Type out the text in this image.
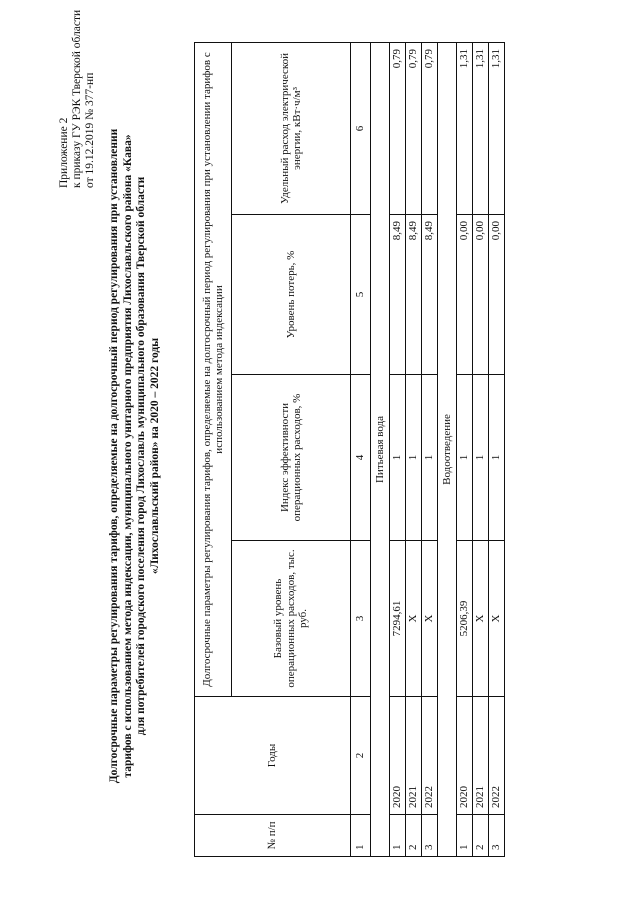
Приложение 2 к приказу ГУ РЭК Тверской области от 19.12.2019 № 377-нп Долгосрочные параметры регулирования тарифов, определяемые на долгосрочный период регулирования при установлении тарифов с использованием метода индексации, муниципального унитарного предприятия Лихославльского района «Кава» для потребителей городского поселения город Лихославль муниципального образования Тверской области «Лихославльский район» на 2020 – 2022 годы
№ п/п	Годы	Долгосрочные параметры регулирования тарифов, определяемые на долгосрочный период регулирования при установлении тарифов с использованием метода индексации			
		Базовый уровень операционных расходов, тыс. руб.	Индекс эффективности операционных расходов, %	Уровень потерь, %	Удельный расход электрической энергии, кВт·ч/м³
1	2	3	4	5	6
Питьевая вода					
1	2020	7294,61	1	8,49	0,79
2	2021	Х	1	8,49	0,79
3	2022	Х	1	8,49	0,79
Водоотведение					
1	2020	5206,39	1	0,00	1,31
2	2021	Х	1	0,00	1,31
3	2022	Х	1	0,00	1,31
